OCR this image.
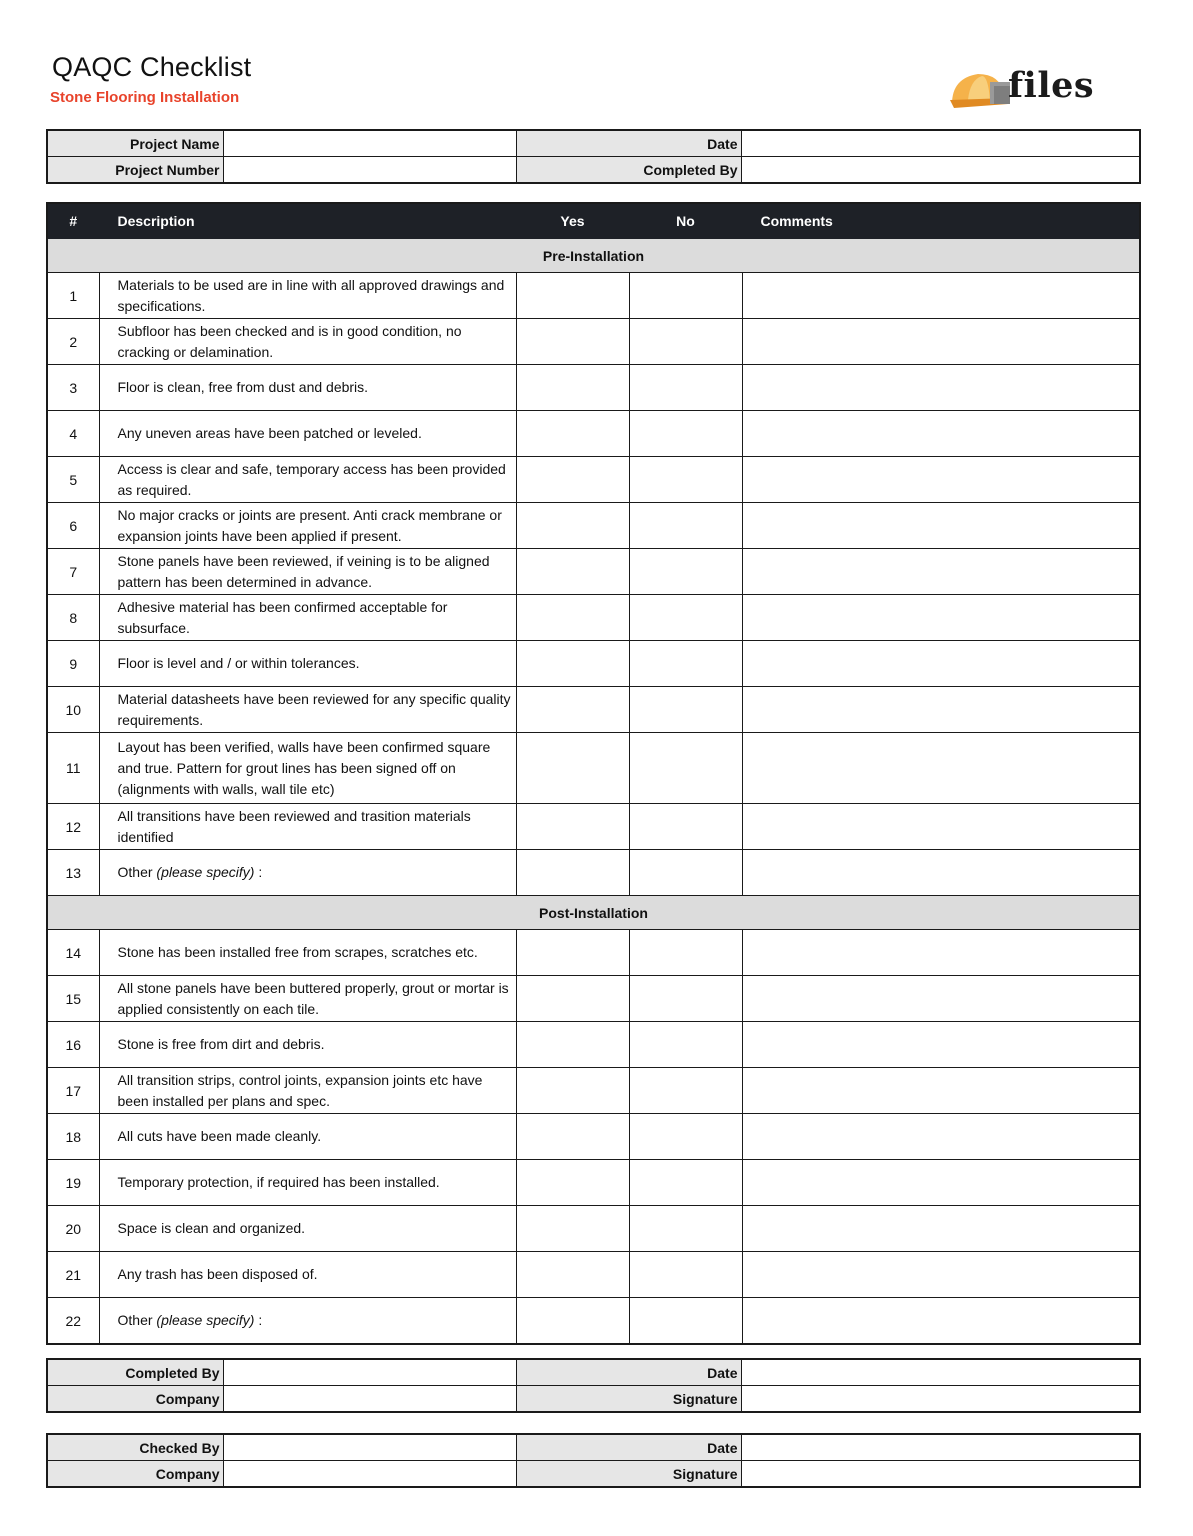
QAQC Checklist
Stone Flooring Installation	files
Project Name		Date	
Project Number		Completed By	
#	Description	Yes	No	Comments
Pre-Installation				
1	Materials to be used are in line with all approved drawings and specifications.			
2	Subfloor has been checked and is in good condition, no cracking or delamination.			
3	Floor is clean, free from dust and debris.			
4	Any uneven areas have been patched or leveled.			
5	Access is clear and safe, temporary access has been provided as required.			
6	No major cracks or joints are present. Anti crack membrane or expansion joints have been applied if present.			
7	Stone panels have been reviewed, if veining is to be aligned pattern has been determined in advance.			
8	Adhesive material has been confirmed acceptable for subsurface.			
9	Floor is level and / or within tolerances.			
10	Material datasheets have been reviewed for any specific quality requirements.			
11	Layout has been verified, walls have been confirmed square and true. Pattern for grout lines has been signed off on (alignments with walls, wall tile etc)			
12	All transitions have been reviewed and trasition materials identified			
13	Other (please specify) :			
Post-Installation				
14	Stone has been installed free from scrapes, scratches etc.			
15	All stone panels have been buttered properly, grout or mortar is applied consistently on each tile.			
16	Stone is free from dirt and debris.			
17	All transition strips, control joints, expansion joints etc have been installed per plans and spec.			
18	All cuts have been made cleanly.			
19	Temporary protection, if required has been installed.			
20	Space is clean and organized.			
21	Any trash has been disposed of.			
22	Other (please specify) :			
Completed By		Date	
Company		Signature	
Checked By		Date	
Company		Signature	
